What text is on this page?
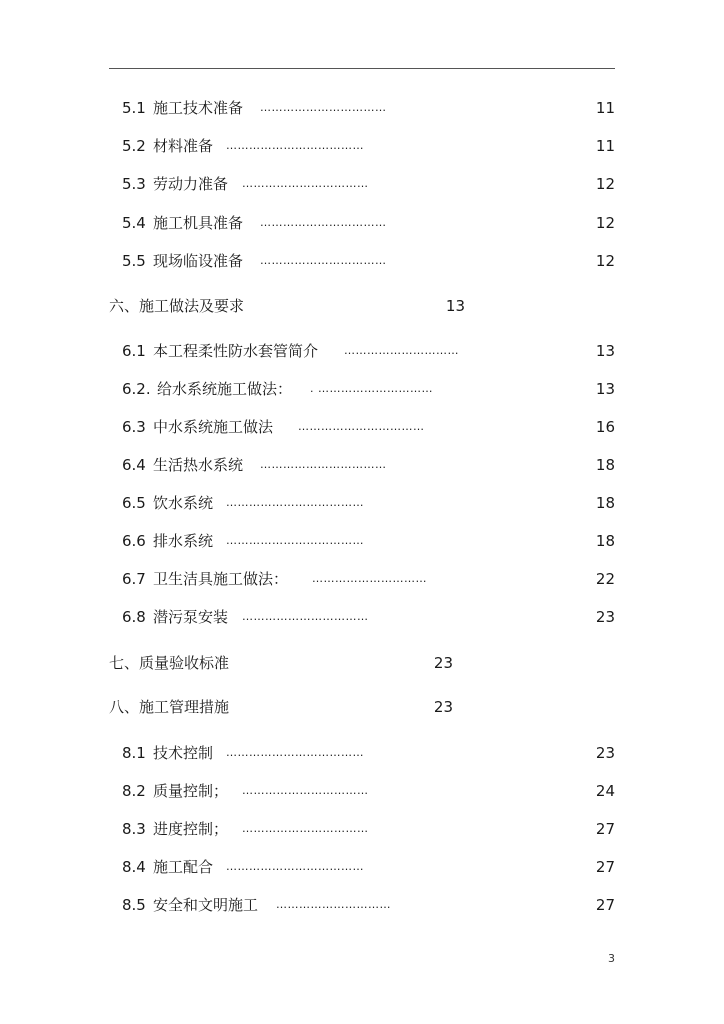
5.1 施工技术准备 ……………………………	11
5.2 材料准备 ………………………………	11
5.3 劳动力准备 ……………………………	12
5.4 施工机具准备 ……………………………	12
5.5 现场临设准备 ……………………………	12
六、施工做法及要求	13
6.1 本工程柔性防水套管简介 …………………………	13
6.2. 给水系统施工做法： . …………………………	13
6.3 中水系统施工做法 ……………………………	16
6.4 生活热水系统 ……………………………	18
6.5 饮水系统 ………………………………	18
6.6 排水系统 ………………………………	18
6.7 卫生洁具施工做法： …………………………	22
6.8 潜污泵安装 ……………………………	23
七、质量验收标准	23
八、施工管理措施	23
8.1 技术控制 ………………………………	23
8.2 质量控制； ……………………………	24
8.3 进度控制； ……………………………	27
8.4 施工配合 ………………………………	27
8.5 安全和文明施工 …………………………	27
3
